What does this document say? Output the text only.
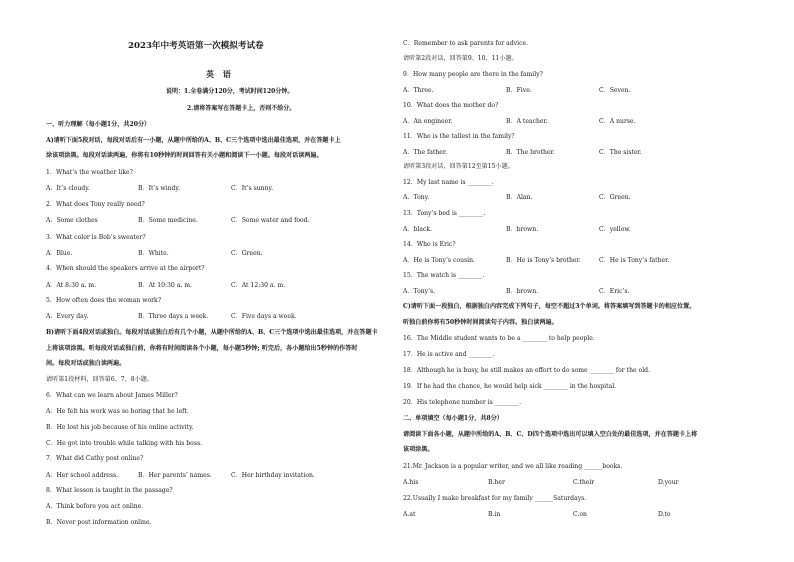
2023年中考英语第一次模拟考试卷
英 语
说明：1.全卷满分120分，考试时间120分钟。
2.请将答案写在答题卡上，否则不给分。
一、听力理解（每小题1分，共20分）
A)请听下面5段对话，每段对话后有一小题，从题中所给的A、B、C三个选项中选出最佳选项，并在答题卡上
涂该项涂黑。每段对话读两遍，你将有10秒钟的时间回答有关小题和阅读下一小题。每段对话读两遍。
1．What’s the weather like?
A．It’s cloudy.	B．It’s windy.	C．It’s sunny.
2．What does Tony really need?
A．Some clothes	B．Some medicine.	C．Some water and food.
3．What color is Bob’s sweater?
A．Blue.	B．White.	C．Green.
4．When should the speakers arrive at the airport?
A．At 8:30 a. m.	B．At 10:30 a. m.	C．At 12:30 a. m.
5．How often does the woman work?
A．Every day.	B．Three days a week.	C．Five days a week.
B)请听下面4段对话或独白。每段对话或独白后有几个小题，从题中所给的A、B、C三个选项中选出最佳选项，并在答题卡
上将该项涂黑。听每段对话或独白前，你将有时间阅读各个小题，每小题5秒钟; 听完后，各小题给出5秒钟的作答时
间。每段对话或独白读两遍。
请听第1段材料，回答第6、7、8小题。
6．What can we learn about James Miller?
A．He felt his work was so boring that he left.
B．He lost his job because of his online activity.
C．He got into trouble while talking with his boss.
7．What did Cathy post online?
A．Her school address.	B．Her parents’ names.	C．Her birthday invitation.
8．What lesson is taught in the passage?
A．Think before you act online.
B．Never post information online.
C．Remember to ask parents for advice.
请听第2段对话，回答第9、10、11小题。
9．How many people are there in the family?
A．Three.	B．Five.	C．Seven.
10．What does the mother do?
A．An engineer.	B．A teacher.	C．A nurse.
11．Who is the tallest in the family?
A．The father.	B．The brother.	C．The sister.
请听第3段对话，回答第12至第15小题。
12．My last name is ________.
A．Tony.	B．Alan.	C．Green.
13．Tony’s bed is ________.
A．black.	B．brown.	C．yellow.
14．Who is Eric?
A．He is Tony’s cousin.	B．He is Tony’s brother.	C．He is Tony’s father.
15．The watch is ________.
A．Tony’s.	B．brown.	C．Eric’s.
C)请听下面一段独白，根据独白内容完成下列句子，每空不超过3个单词。将答案填写到答题卡的相应位置。
听独白前你将有50秒钟时间阅读句子内容。独白读两遍。
16．The Middle student wants to be a ________ to help people.
17．He is active and ________.
18．Although he is busy, he still makes an effort to do some ________ for the old.
19．If he had the chance, he would help sick ________ in the hospital.
20．His telephone number is ________.
二、单项填空（每小题1分，共8分）
请阅读下面各小题，从题中所给的A、B、C、D四个选项中选出可以填入空白处的最佳选项，并在答题卡上将
该项涂黑。
21.Mr. Jackson is a popular writer, and we all like reading ______books.
A.his	B.her	C.their	D.your
22.Usually I make breakfast for my family ______Saturdays.
A.at	B.in	C.on	D.to
